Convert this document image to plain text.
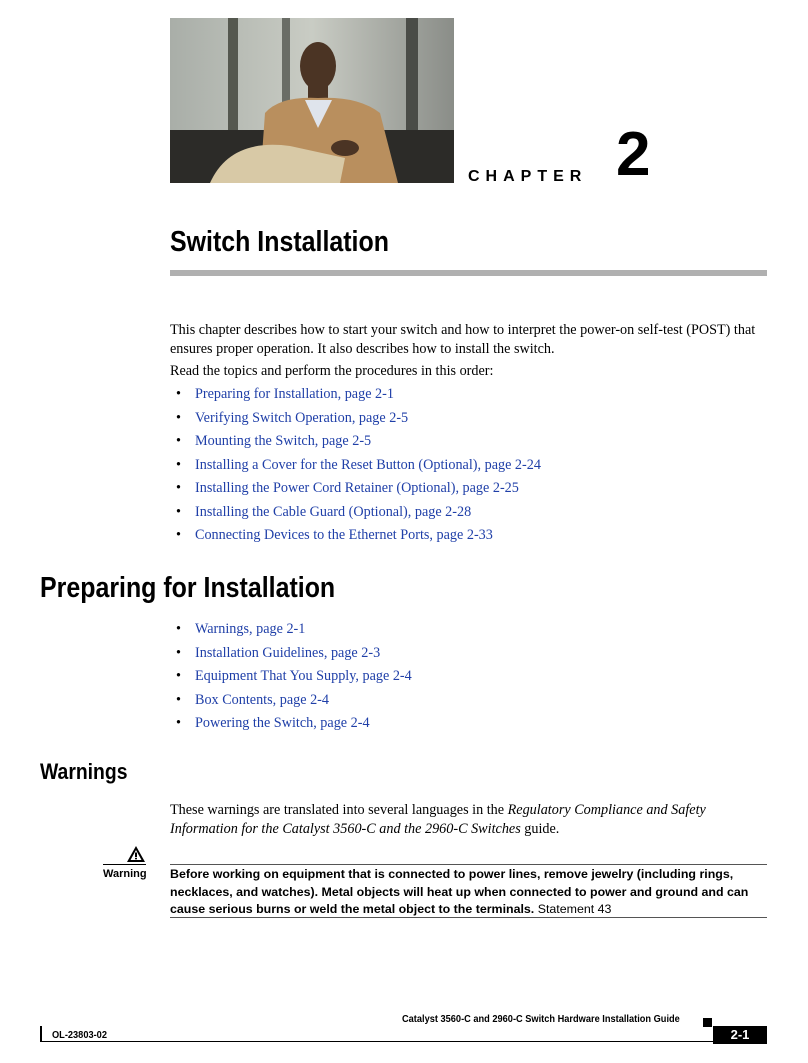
CHAPTER 2
Switch Installation
This chapter describes how to start your switch and how to interpret the power-on self-test (POST) that ensures proper operation. It also describes how to install the switch.
Read the topics and perform the procedures in this order:
• Preparing for Installation, page 2-1
• Verifying Switch Operation, page 2-5
• Mounting the Switch, page 2-5
• Installing a Cover for the Reset Button (Optional), page 2-24
• Installing the Power Cord Retainer (Optional), page 2-25
• Installing the Cable Guard (Optional), page 2-28
• Connecting Devices to the Ethernet Ports, page 2-33
Preparing for Installation
• Warnings, page 2-1
• Installation Guidelines, page 2-3
• Equipment That You Supply, page 2-4
• Box Contents, page 2-4
• Powering the Switch, page 2-4
Warnings
These warnings are translated into several languages in the Regulatory Compliance and Safety Information for the Catalyst 3560-C and the 2960-C Switches guide.
Warning Before working on equipment that is connected to power lines, remove jewelry (including rings, necklaces, and watches). Metal objects will heat up when connected to power and ground and can cause serious burns or weld the metal object to the terminals. Statement 43
Catalyst 3560-C and 2960-C Switch Hardware Installation Guide
OL-23803-02	2-1
